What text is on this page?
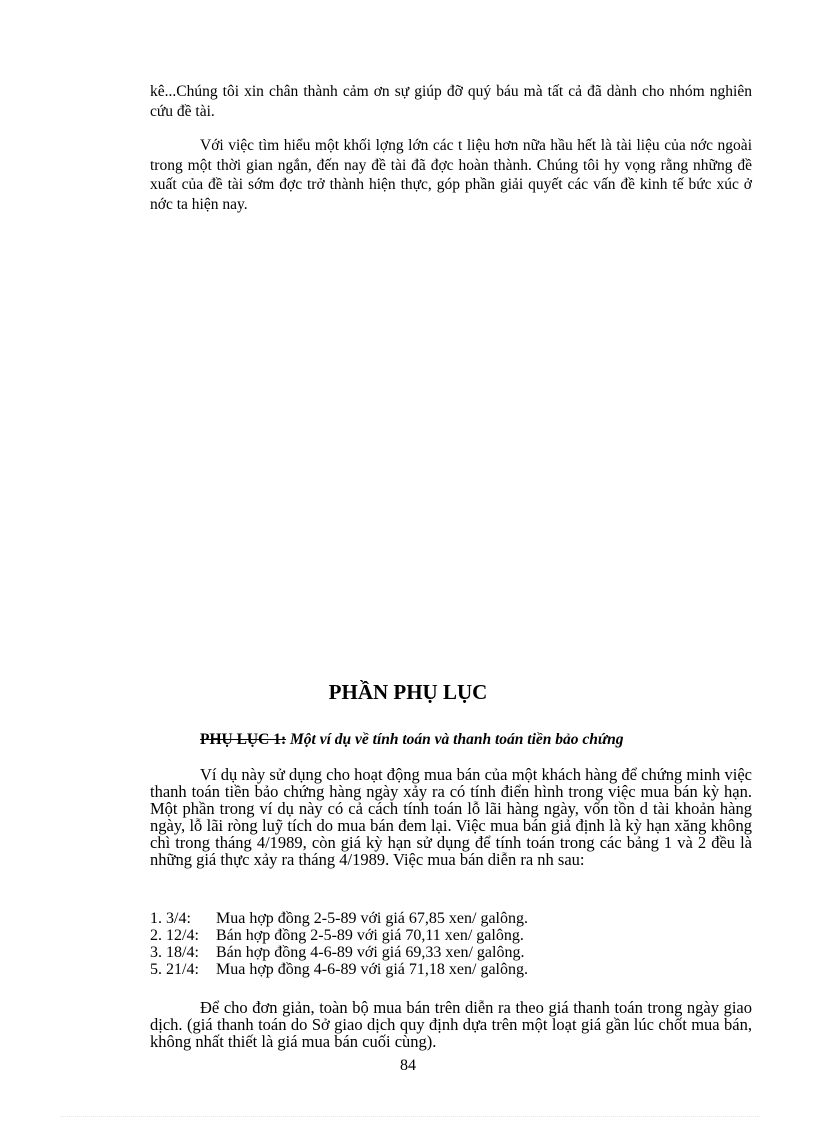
kê...Chúng tôi xin chân thành cảm ơn sự giúp đỡ quý báu mà tất cả đã dành cho nhóm nghiên cứu đề tài.

Với việc tìm hiểu một khối lợng lớn các t liệu hơn nữa hầu hết là tài liệu của nớc ngoài trong một thời gian ngắn, đến nay đề tài đã đợc hoàn thành. Chúng tôi hy vọng rằng những đề xuất của đề tài sớm đợc trở thành hiện thực, góp phần giải quyết các vấn đề kinh tế bức xúc ở nớc ta hiện nay.

PHẦN PHỤ LỤC

PHỤ LỤC 1: Một ví dụ về tính toán và thanh toán tiền bảo chứng

Ví dụ này sử dụng cho hoạt động mua bán của một khách hàng để chứng minh việc thanh toán tiền bảo chứng hàng ngày xảy ra có tính điển hình trong việc mua bán kỳ hạn. Một phần trong ví dụ này có cả cách tính toán lỗ lãi hàng ngày, vốn tồn d tài khoản hàng ngày, lỗ lãi ròng luỹ tích do mua bán đem lại. Việc mua bán giả định là kỳ hạn xăng không chì trong tháng 4/1989, còn giá kỳ hạn sử dụng để tính toán trong các bảng 1 và 2 đều là những giá thực xảy ra tháng 4/1989. Việc mua bán diễn ra nh sau:

1. 3/4: Mua hợp đồng 2-5-89 với giá 67,85 xen/ galông.
2. 12/4: Bán hợp đồng 2-5-89 với giá 70,11 xen/ galông.
3. 18/4: Bán hợp đồng 4-6-89 với giá 69,33 xen/ galông.
5. 21/4: Mua hợp đồng 4-6-89 với giá 71,18 xen/ galông.

Để cho đơn giản, toàn bộ mua bán trên diễn ra theo giá thanh toán trong ngày giao dịch. (giá thanh toán do Sở giao dịch quy định dựa trên một loạt giá gần lúc chốt mua bán, không nhất thiết là giá mua bán cuối cùng).

84
